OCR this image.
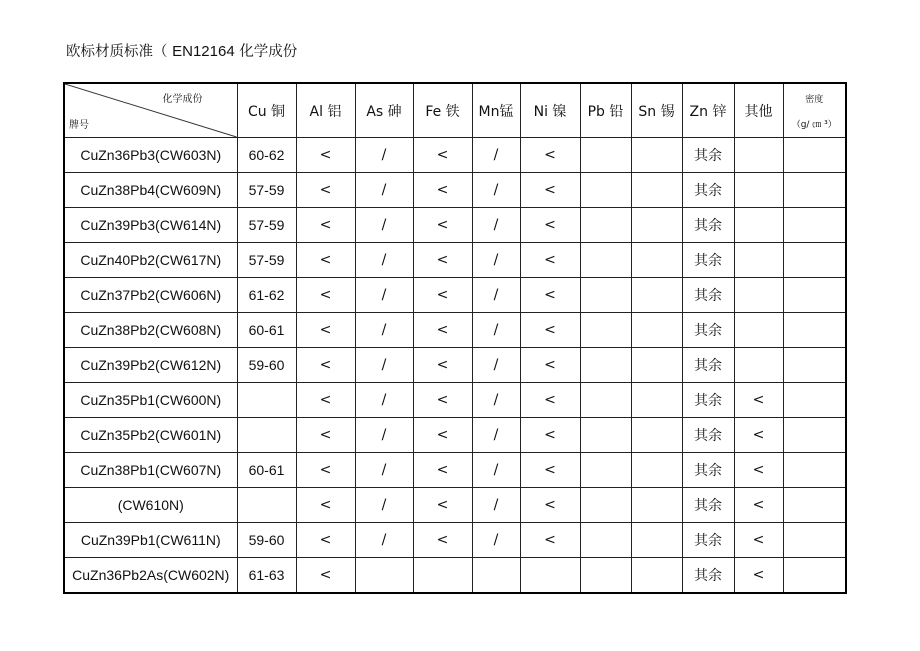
欧标材质标准（ EN12164 化学成份
化学成份
牌号	Cu 铜	Al 铝	As 砷	Fe 铁	Mn锰	Ni 镍	Pb 铅	Sn 锡	Zn 锌	其他	密度
（g/ ㎝ ³）

CuZn36Pb3(CW603N)	60-62	<	/	<	/	<			其余		
CuZn38Pb4(CW609N)	57-59	<	/	<	/	<			其余		
CuZn39Pb3(CW614N)	57-59	<	/	<	/	<			其余		
CuZn40Pb2(CW617N)	57-59	<	/	<	/	<			其余		
CuZn37Pb2(CW606N)	61-62	<	/	<	/	<			其余		
CuZn38Pb2(CW608N)	60-61	<	/	<	/	<			其余		
CuZn39Pb2(CW612N)	59-60	<	/	<	/	<			其余		
CuZn35Pb1(CW600N)		<	/	<	/	<			其余	<	
CuZn35Pb2(CW601N)		<	/	<	/	<			其余	<	
CuZn38Pb1(CW607N)	60-61	<	/	<	/	<			其余	<	
(CW610N)		<	/	<	/	<			其余	<	
CuZn39Pb1(CW611N)	59-60	<	/	<	/	<			其余	<	
CuZn36Pb2As(CW602N)	61-63	<							其余	<	
